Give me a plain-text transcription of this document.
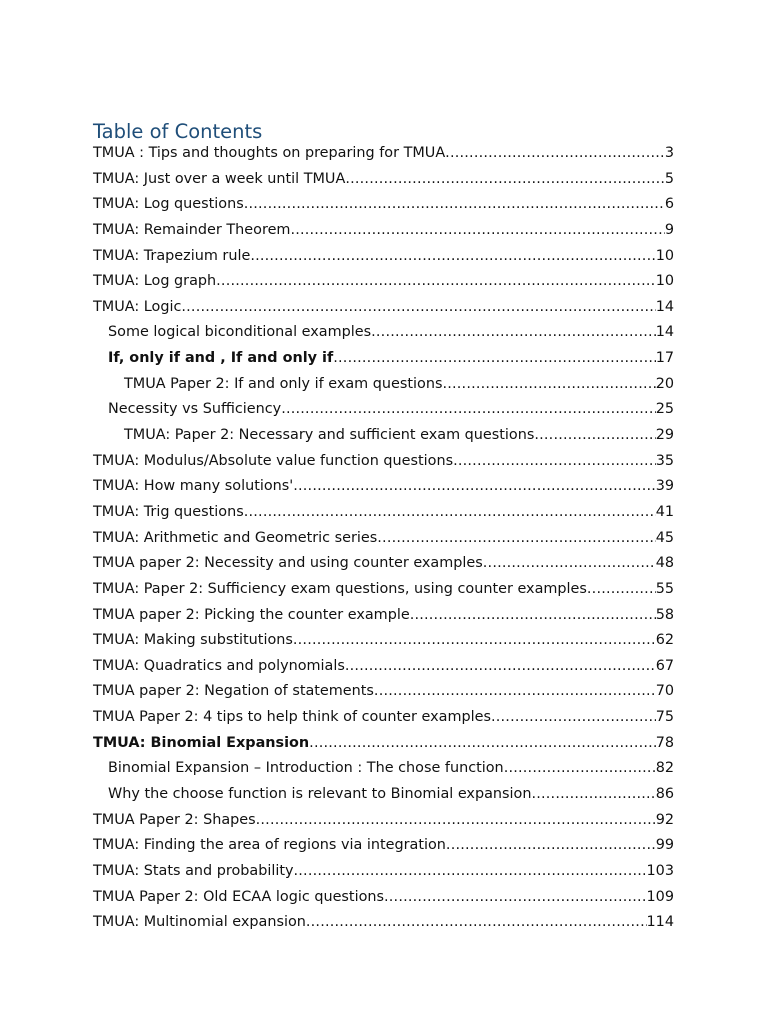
Table of Contents
TMUA : Tips and thoughts on preparing for TMUA .....	3
TMUA: Just over a week until TMUA .....	5
TMUA: Log questions .....	6
TMUA: Remainder Theorem .....	9
TMUA: Trapezium rule .....	10
TMUA: Log graph .....	10
TMUA: Logic .....	14
Some logical biconditional examples .....	14
If, only if and , If and only if .....	17
TMUA Paper 2: If and only if exam questions .....	20
Necessity vs Sufficiency .....	25
TMUA: Paper 2: Necessary and sufficient exam questions .....	29
TMUA: Modulus/Absolute value function questions .....	35
TMUA: How many solutions' .....	39
TMUA: Trig questions .....	41
TMUA: Arithmetic and Geometric series .....	45
TMUA paper 2: Necessity and using counter examples .....	48
TMUA: Paper 2: Sufficiency exam questions, using counter examples .....	55
TMUA paper 2: Picking the counter example .....	58
TMUA: Making substitutions .....	62
TMUA: Quadratics and polynomials .....	67
TMUA paper 2: Negation of statements .....	70
TMUA Paper 2: 4 tips to help think of counter examples .....	75
TMUA: Binomial Expansion .....	78
Binomial Expansion – Introduction : The chose function .....	82
Why the choose function is relevant to Binomial expansion .....	86
TMUA Paper 2: Shapes .....	92
TMUA: Finding the area of regions via integration .....	99
TMUA: Stats and probability .....	103
TMUA Paper 2: Old ECAA logic questions .....	109
TMUA: Multinomial expansion .....	114
